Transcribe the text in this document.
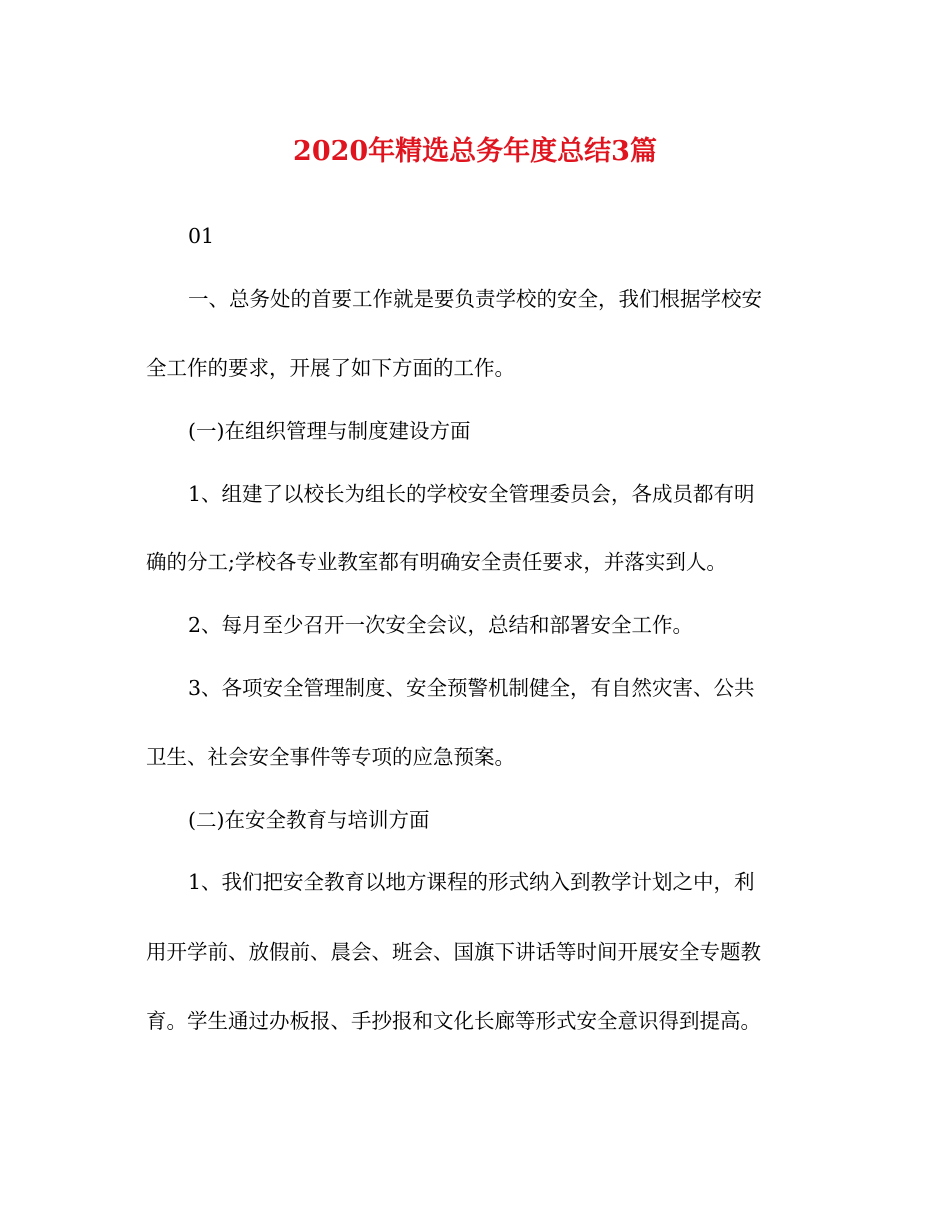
2020年精选总务年度总结3篇
01
一、总务处的首要工作就是要负责学校的安全，我们根据学校安
全工作的要求，开展了如下方面的工作。
(一)在组织管理与制度建设方面
1、组建了以校长为组长的学校安全管理委员会，各成员都有明
确的分工;学校各专业教室都有明确安全责任要求，并落实到人。
2、每月至少召开一次安全会议，总结和部署安全工作。
3、各项安全管理制度、安全预警机制健全，有自然灾害、公共
卫生、社会安全事件等专项的应急预案。
(二)在安全教育与培训方面
1、我们把安全教育以地方课程的形式纳入到教学计划之中，利
用开学前、放假前、晨会、班会、国旗下讲话等时间开展安全专题教
育。学生通过办板报、手抄报和文化长廊等形式安全意识得到提高。
